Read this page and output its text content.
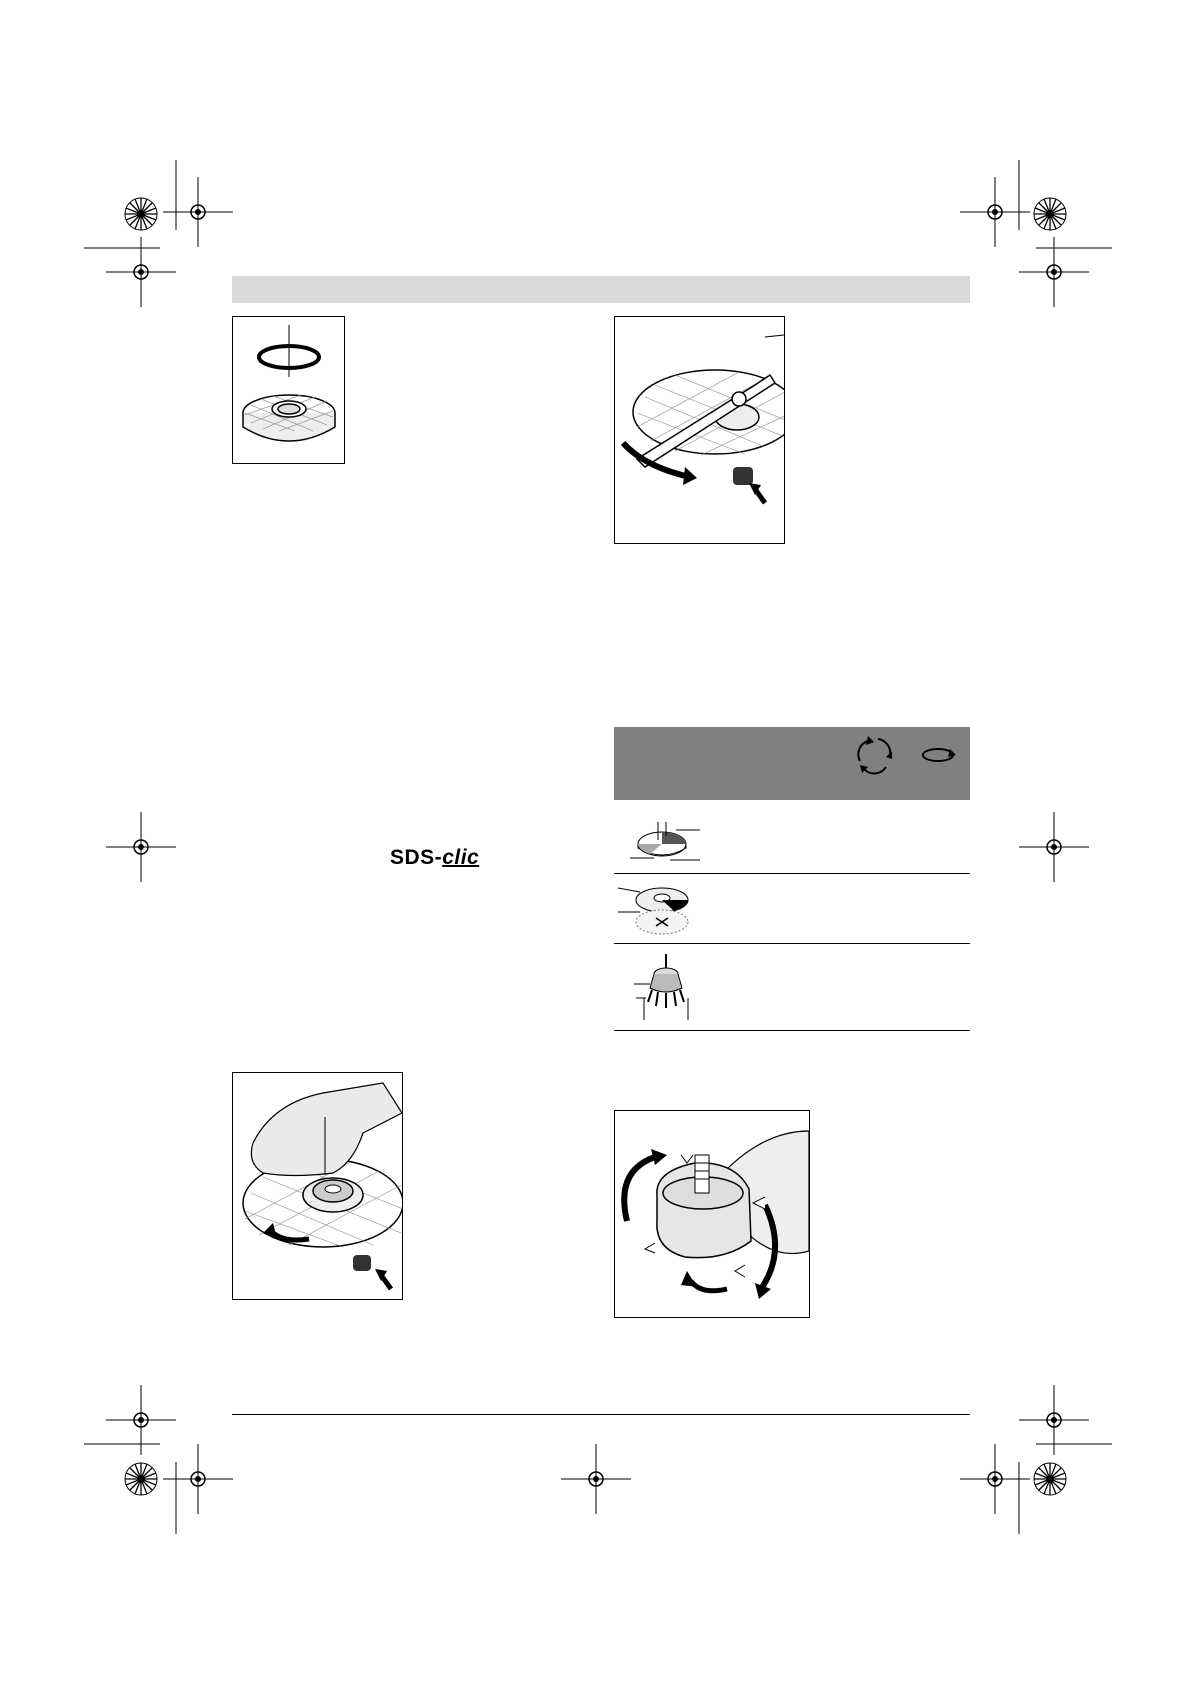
SDS-clic
